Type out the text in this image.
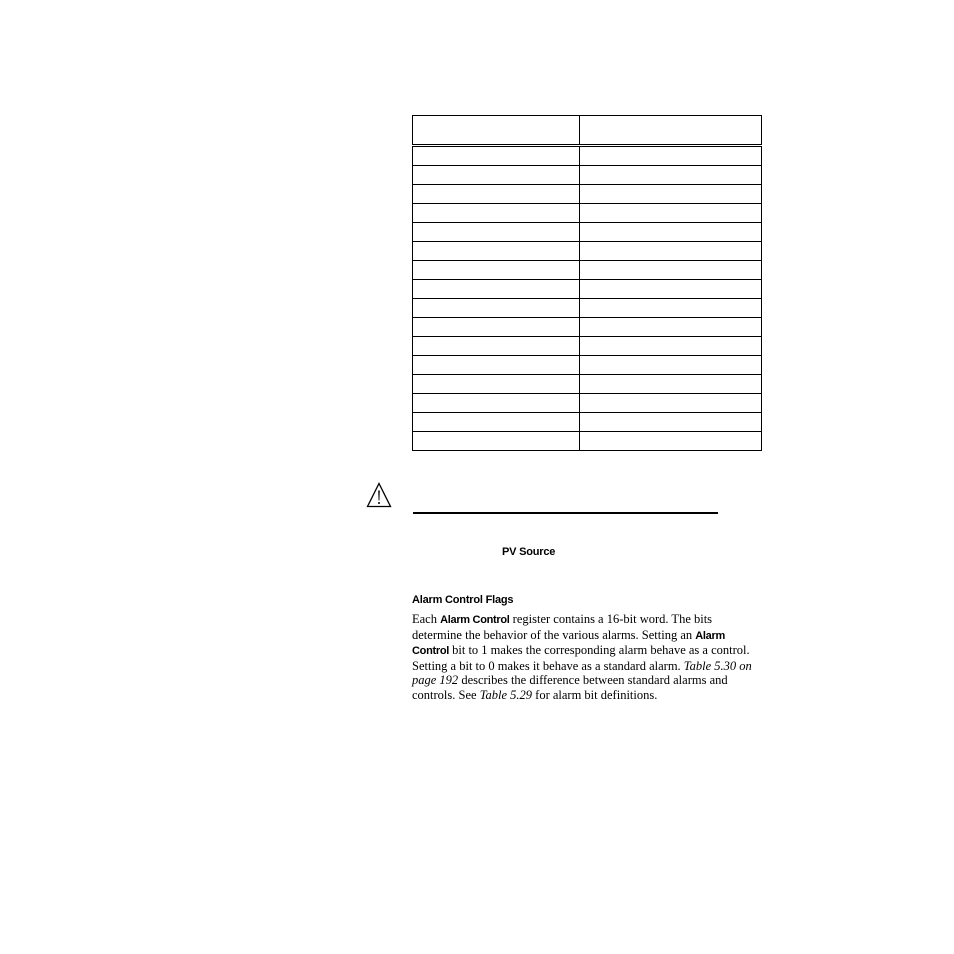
PV Source
Alarm Control Flags
Each Alarm Control register contains a 16-bit word. The bits determine the behavior of the various alarms. Setting an Alarm Control bit to 1 makes the corresponding alarm behave as a control. Setting a bit to 0 makes it behave as a standard alarm. Table 5.30 on page 192 describes the difference between standard alarms and controls. See Table 5.29 for alarm bit definitions.
